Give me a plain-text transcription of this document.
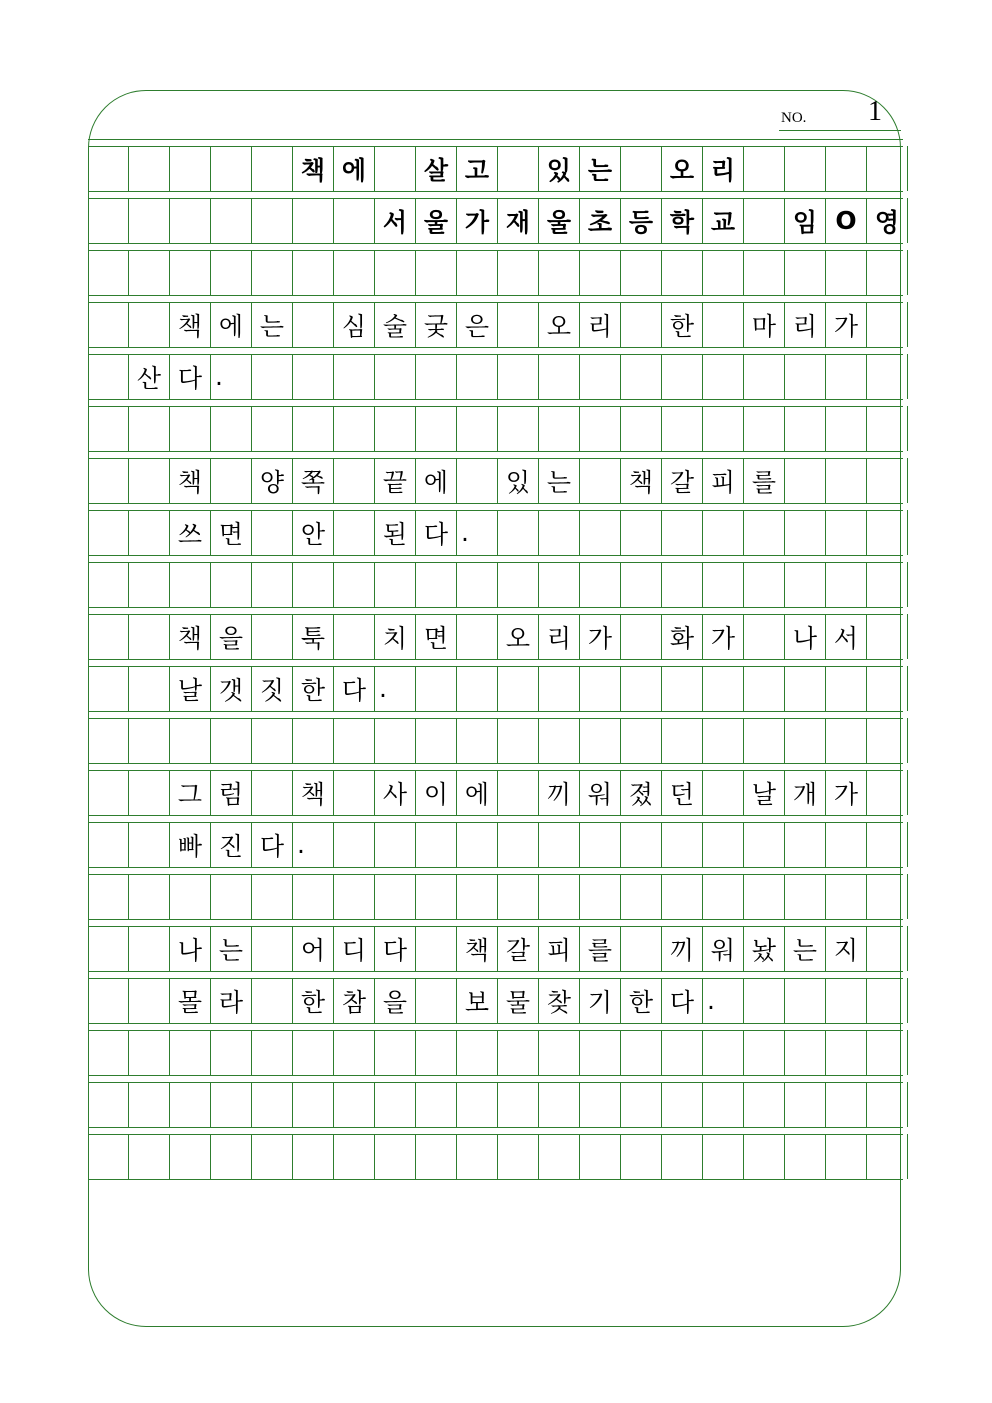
NO. 1
책 에	살 고	있 는	오 리
서 울 가 재 울 초 등 학 교	임 O 영
책 에 는	심 술 궂 은	오 리	한	마 리 가
산 다 .
책	양 쪽	끝 에	있 는	책 갈 피 를
쓰 면	안	된 다 .
책 을	툭	치 면	오 리 가	화 가	나 서
날 갯 짓 한 다 .
그 럼	책	사 이 에	끼 워 졌 던	날 개 가
빠 진 다 .
나 는	어 디 다	책 갈 피 를	끼 워 놨 는 지
몰 라	한 참 을	보 물 찾 기 한 다 .
